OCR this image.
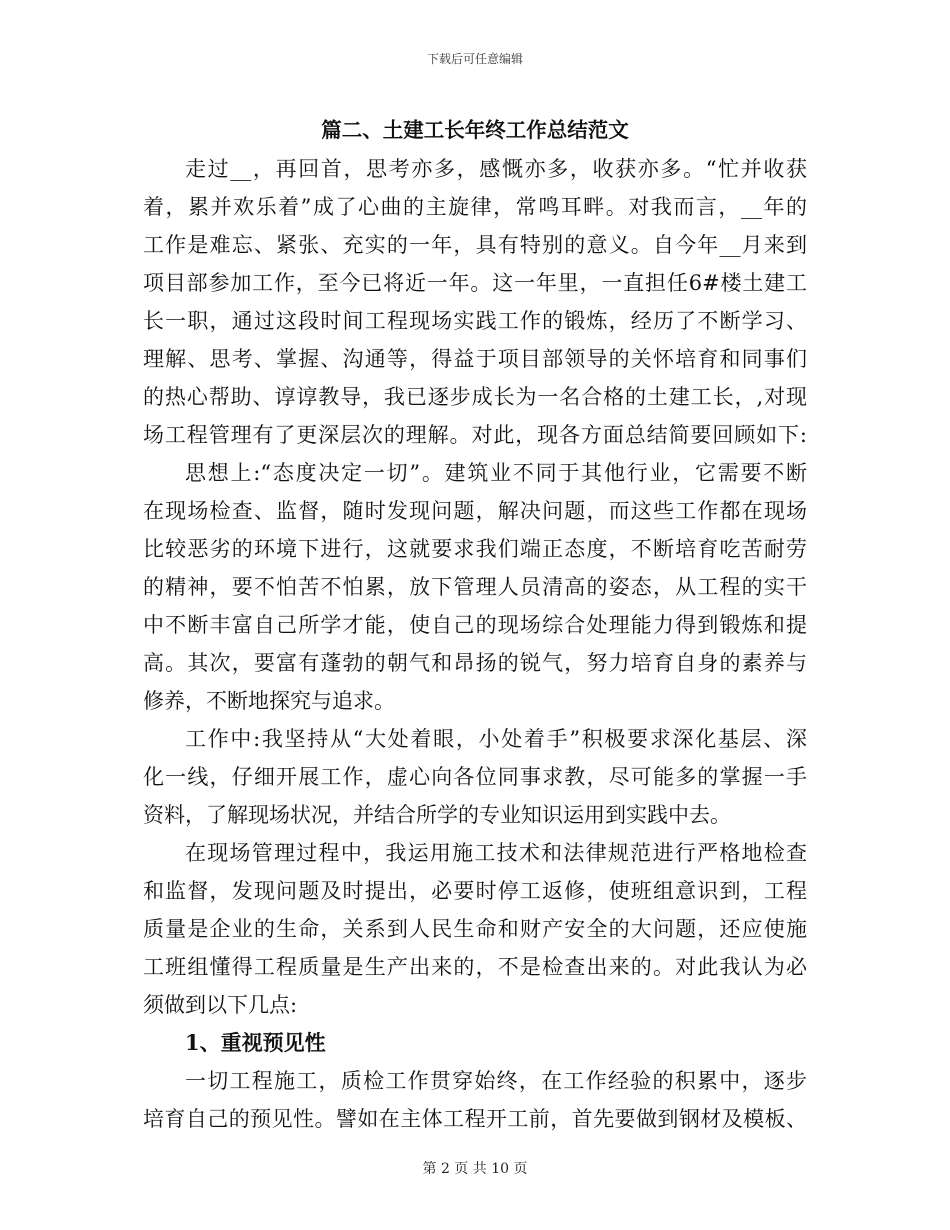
下载后可任意编辑
篇二、土建工长年终工作总结范文
走过__，再回首，思考亦多，感慨亦多，收获亦多。“忙并收获
着，累并欢乐着”成了心曲的主旋律，常鸣耳畔。对我而言，__年的
工作是难忘、紧张、充实的一年，具有特别的意义。自今年__月来到
项目部参加工作，至今已将近一年。这一年里，一直担任6#楼土建工
长一职，通过这段时间工程现场实践工作的锻炼，经历了不断学习、
理解、思考、掌握、沟通等，得益于项目部领导的关怀培育和同事们
的热心帮助、谆谆教导，我已逐步成长为一名合格的土建工长，,对现
场工程管理有了更深层次的理解。对此，现各方面总结简要回顾如下:
思想上:“态度决定一切”。建筑业不同于其他行业，它需要不断
在现场检查、监督，随时发现问题，解决问题，而这些工作都在现场
比较恶劣的环境下进行，这就要求我们端正态度，不断培育吃苦耐劳
的精神，要不怕苦不怕累，放下管理人员清高的姿态，从工程的实干
中不断丰富自己所学才能，使自己的现场综合处理能力得到锻炼和提
高。其次，要富有蓬勃的朝气和昂扬的锐气，努力培育自身的素养与
修养，不断地探究与追求。
工作中:我坚持从“大处着眼，小处着手”积极要求深化基层、深
化一线，仔细开展工作，虚心向各位同事求教，尽可能多的掌握一手
资料，了解现场状况，并结合所学的专业知识运用到实践中去。
在现场管理过程中，我运用施工技术和法律规范进行严格地检查
和监督，发现问题及时提出，必要时停工返修，使班组意识到，工程
质量是企业的生命，关系到人民生命和财产安全的大问题，还应使施
工班组懂得工程质量是生产出来的，不是检查出来的。对此我认为必
须做到以下几点:
1、重视预见性
一切工程施工，质检工作贯穿始终，在工作经验的积累中，逐步
培育自己的预见性。譬如在主体工程开工前，首先要做到钢材及模板、
第 2 页 共 10 页
